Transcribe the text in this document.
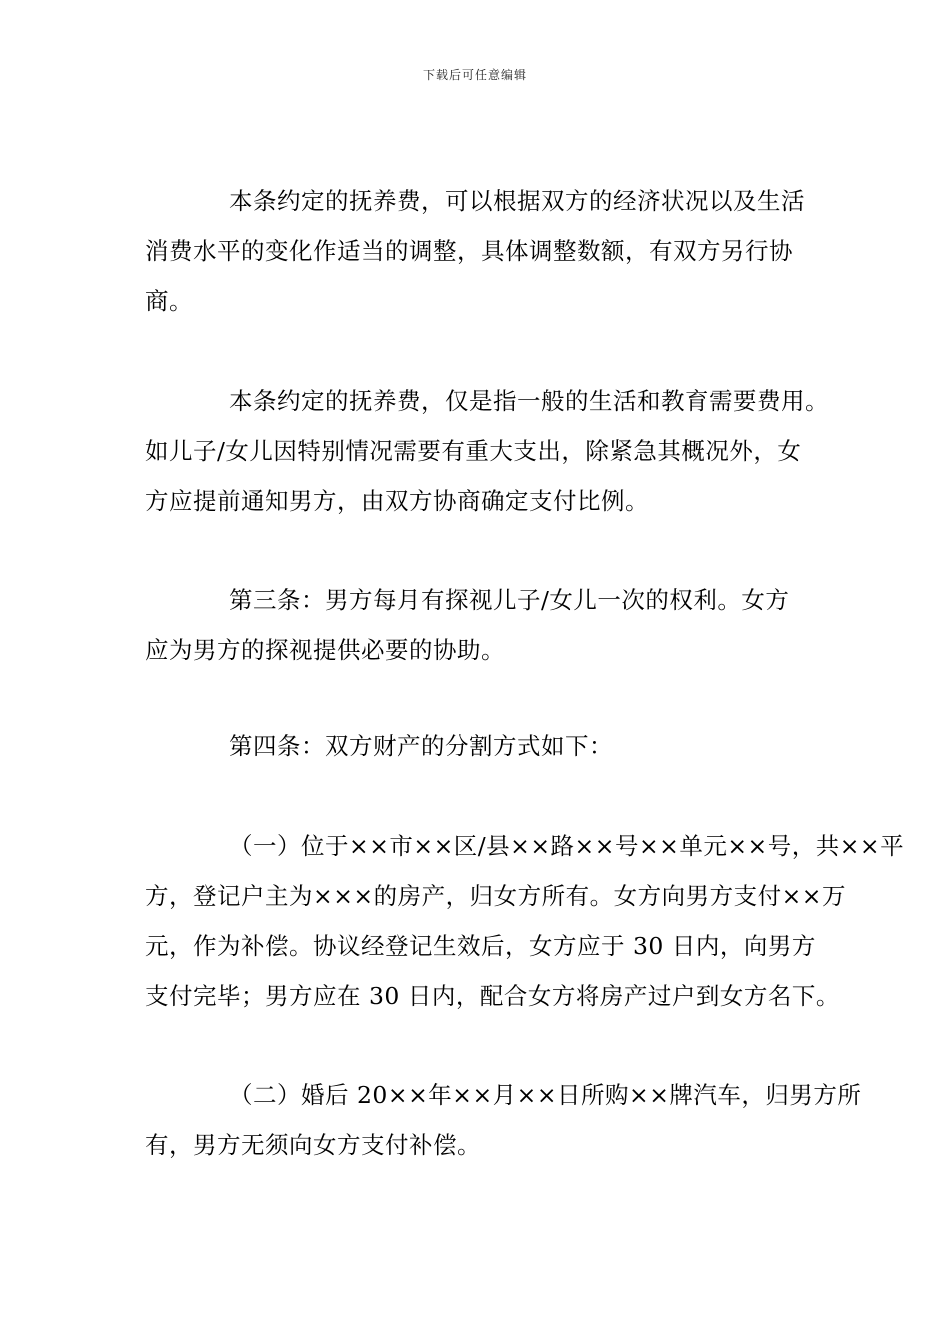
下载后可任意编辑
本条约定的抚养费，可以根据双方的经济状况以及生活
消费水平的变化作适当的调整，具体调整数额，有双方另行协
商。
本条约定的抚养费，仅是指一般的生活和教育需要费用。
如儿子/女儿因特别情况需要有重大支出，除紧急其概况外，女
方应提前通知男方，由双方协商确定支付比例。
第三条：男方每月有探视儿子/女儿一次的权利。女方
应为男方的探视提供必要的协助。
第四条：双方财产的分割方式如下：
（一）位于××市××区/县××路××号××单元××号，共××平
方，登记户主为×××的房产，归女方所有。女方向男方支付××万
元，作为补偿。协议经登记生效后，女方应于 30 日内，向男方
支付完毕；男方应在 30 日内，配合女方将房产过户到女方名下。
（二）婚后 20××年××月××日所购××牌汽车，归男方所
有，男方无须向女方支付补偿。
